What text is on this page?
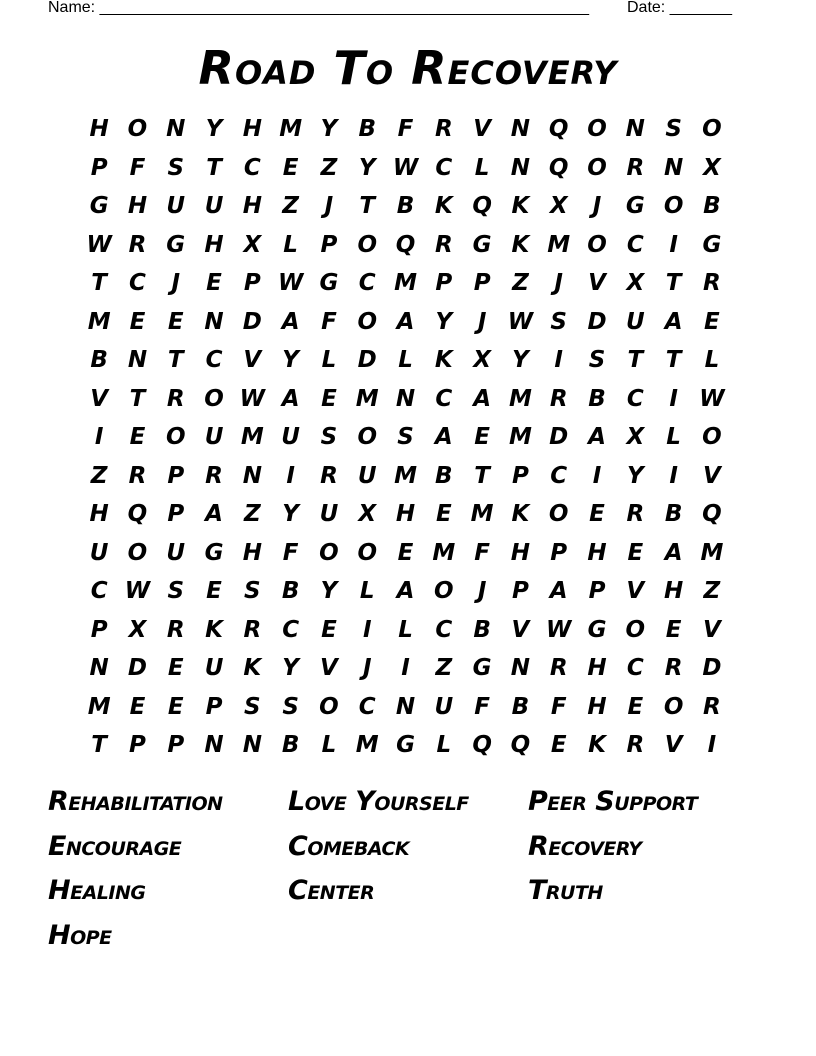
Name: _______________________________________________________ Date: _______
Road To Recovery
H O N Y H M Y B F R V N Q O N S O
P F S T C E Z Y W C L N Q O R N X
G H U U H Z	J	T B K Q K X	J	G O B
W R G H X L P O Q R G K M O C	I	G
T C	J	E P W G C M P P Z	J	V X T R
M E E N D A F O A Y	J W S D U A E
B N T C V Y L D L K X Y	I	S T T	L
V T R O W A E M N C A M R B C	I W
I	E O U M U S O S A E M D A X L O
Z R P R N	I	R U M B T P C	I	Y	I	V
H Q P A Z Y U X H E M K O E R B Q
U O U G H F O O E M F H P H E A M
C W S E S B Y L A O	J	P A P V H Z
P X R K R C E	I	L C B V W G O E V
N D E U K Y V	J	I	Z G N R H C R D
M E E P S S O C N U F B F H E O R
T P P N N B L M G L Q Q E K R V	I
Rehabilitation	Love Yourself	Peer Support
Encourage	Comeback	Recovery
Healing	Center	Truth
Hope
